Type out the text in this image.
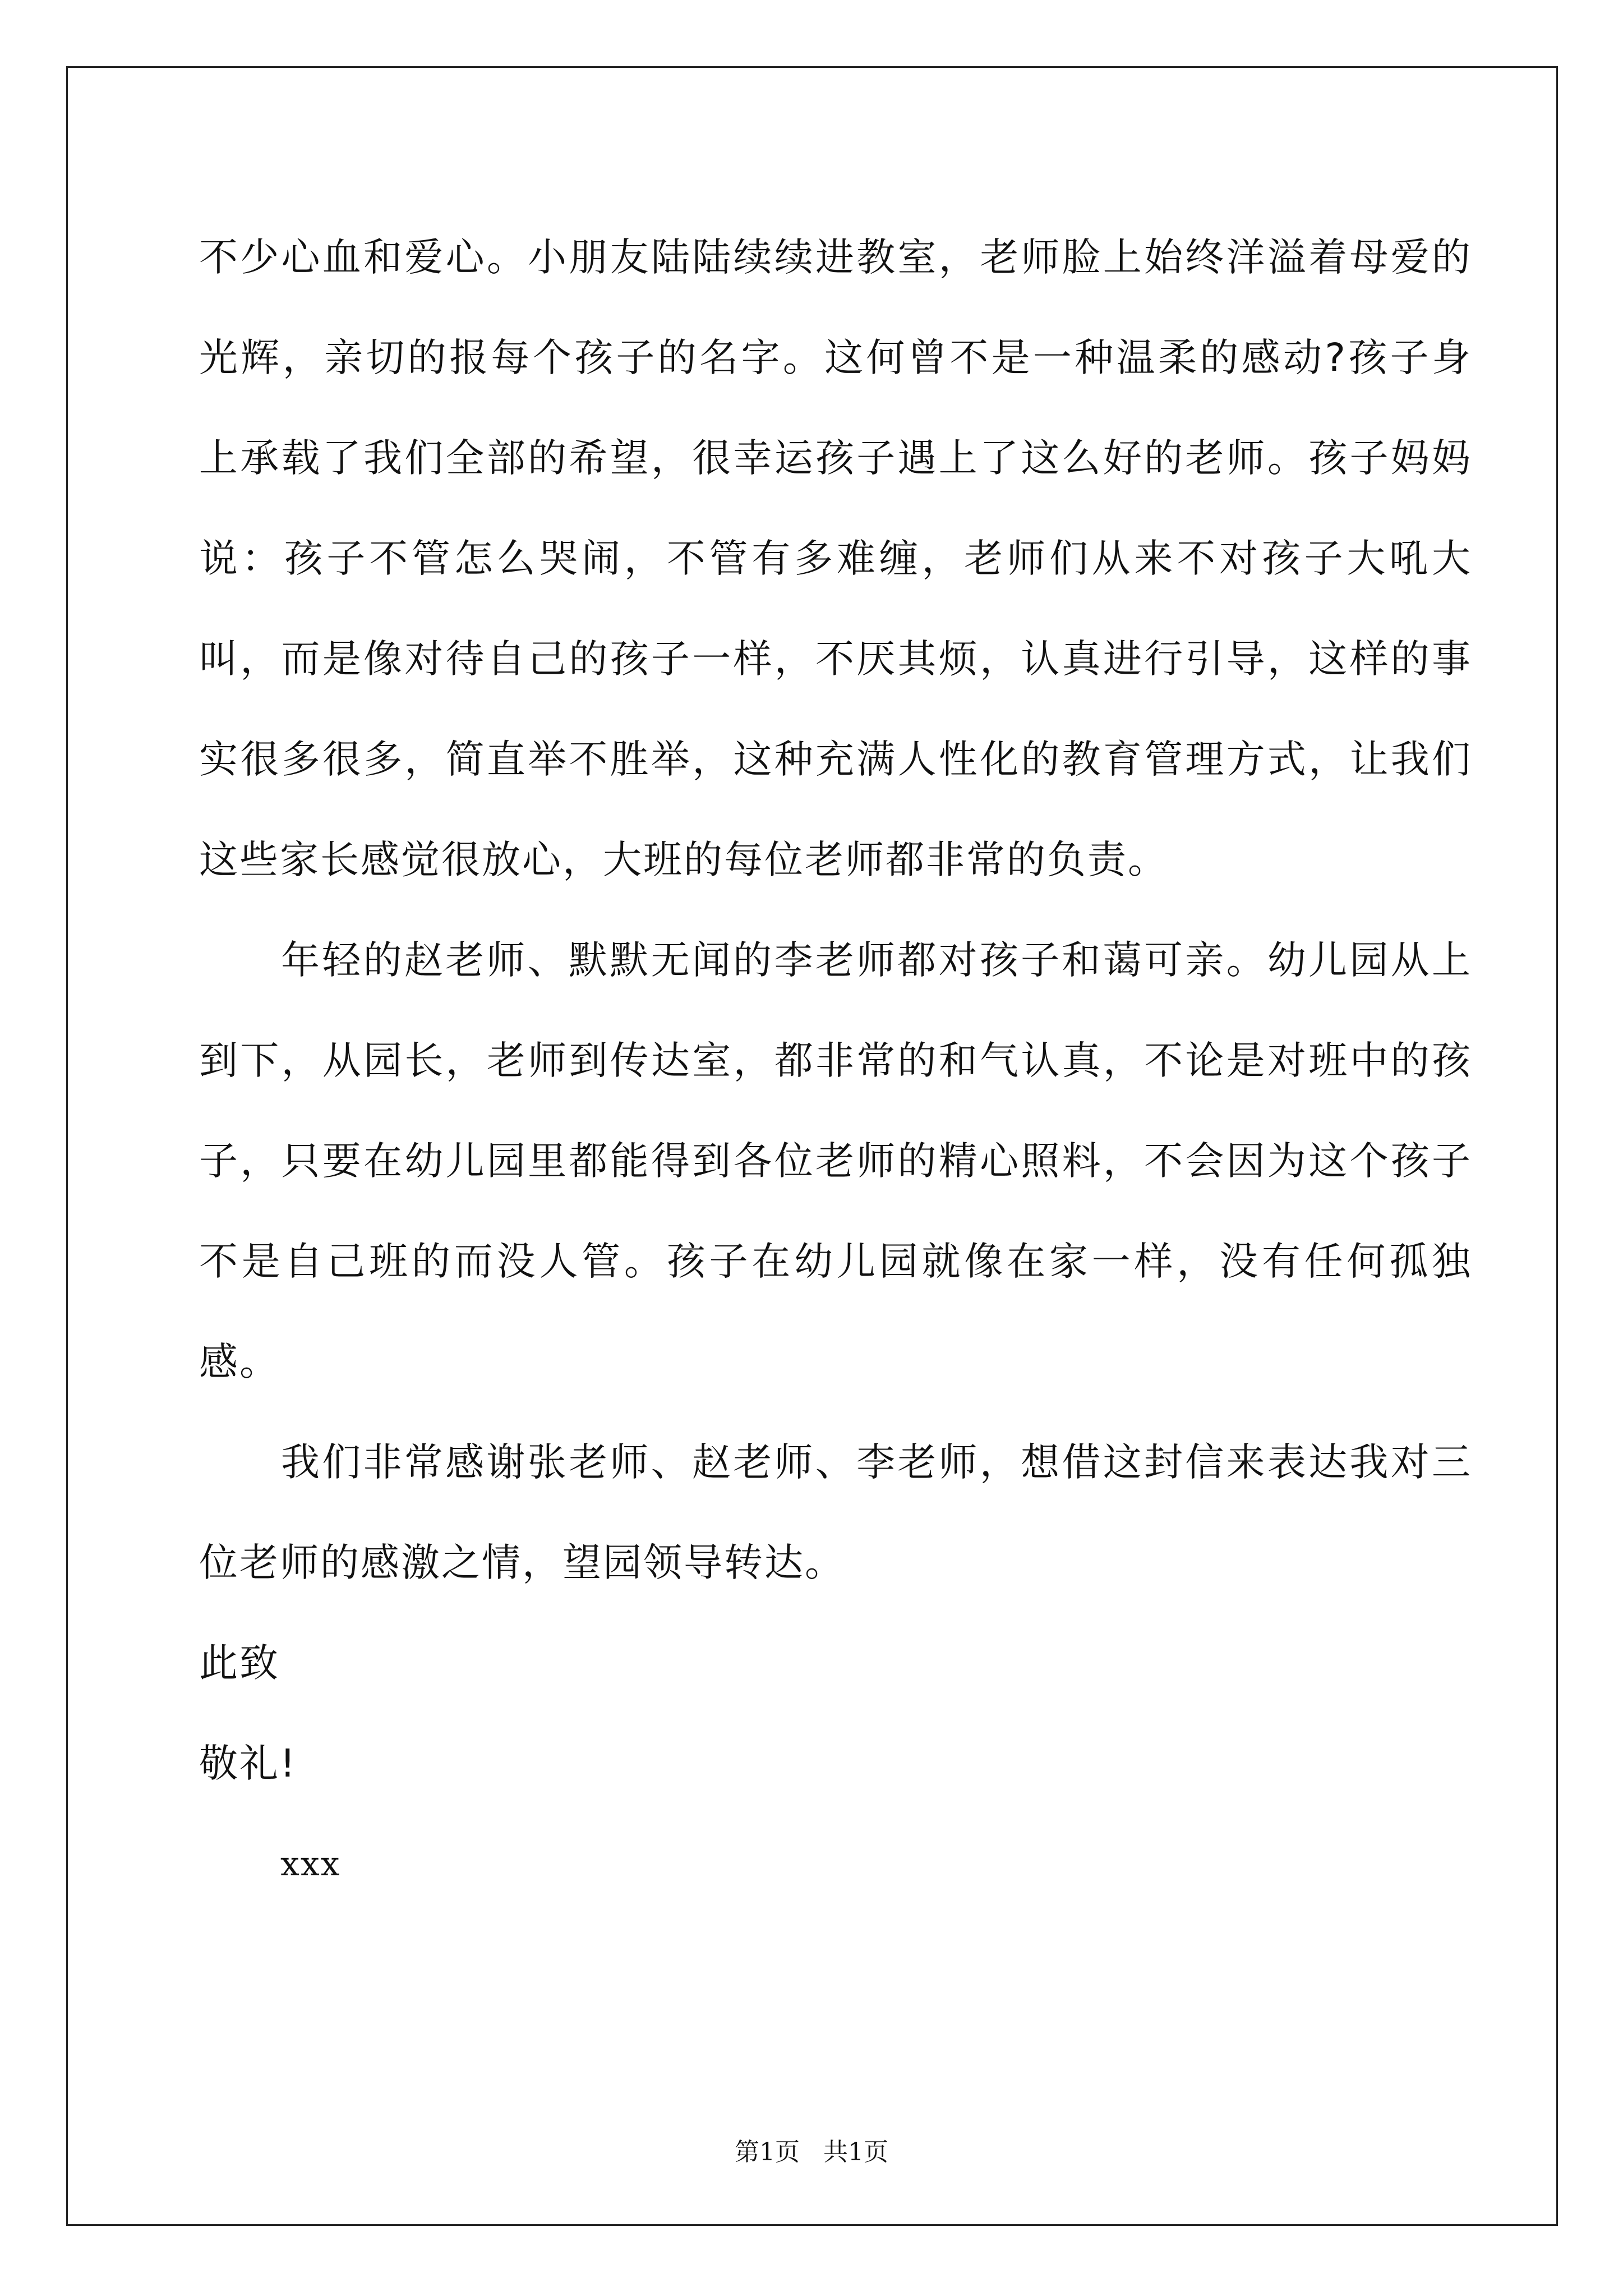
不少心血和爱心。小朋友陆陆续续进教室，老师脸上始终洋溢着母爱的光辉，亲切的报每个孩子的名字。这何曾不是一种温柔的感动?孩子身上承载了我们全部的希望，很幸运孩子遇上了这么好的老师。孩子妈妈说：孩子不管怎么哭闹，不管有多难缠，老师们从来不对孩子大吼大叫，而是像对待自己的孩子一样，不厌其烦，认真进行引导，这样的事实很多很多，简直举不胜举，这种充满人性化的教育管理方式，让我们这些家长感觉很放心，大班的每位老师都非常的负责。

年轻的赵老师、默默无闻的李老师都对孩子和蔼可亲。幼儿园从上到下，从园长，老师到传达室，都非常的和气认真，不论是对班中的孩子，只要在幼儿园里都能得到各位老师的精心照料，不会因为这个孩子不是自己班的而没人管。孩子在幼儿园就像在家一样，没有任何孤独感。

我们非常感谢张老师、赵老师、李老师，想借这封信来表达我对三位老师的感激之情，望园领导转达。

此致

敬礼!

xxx

第1页   共1页
